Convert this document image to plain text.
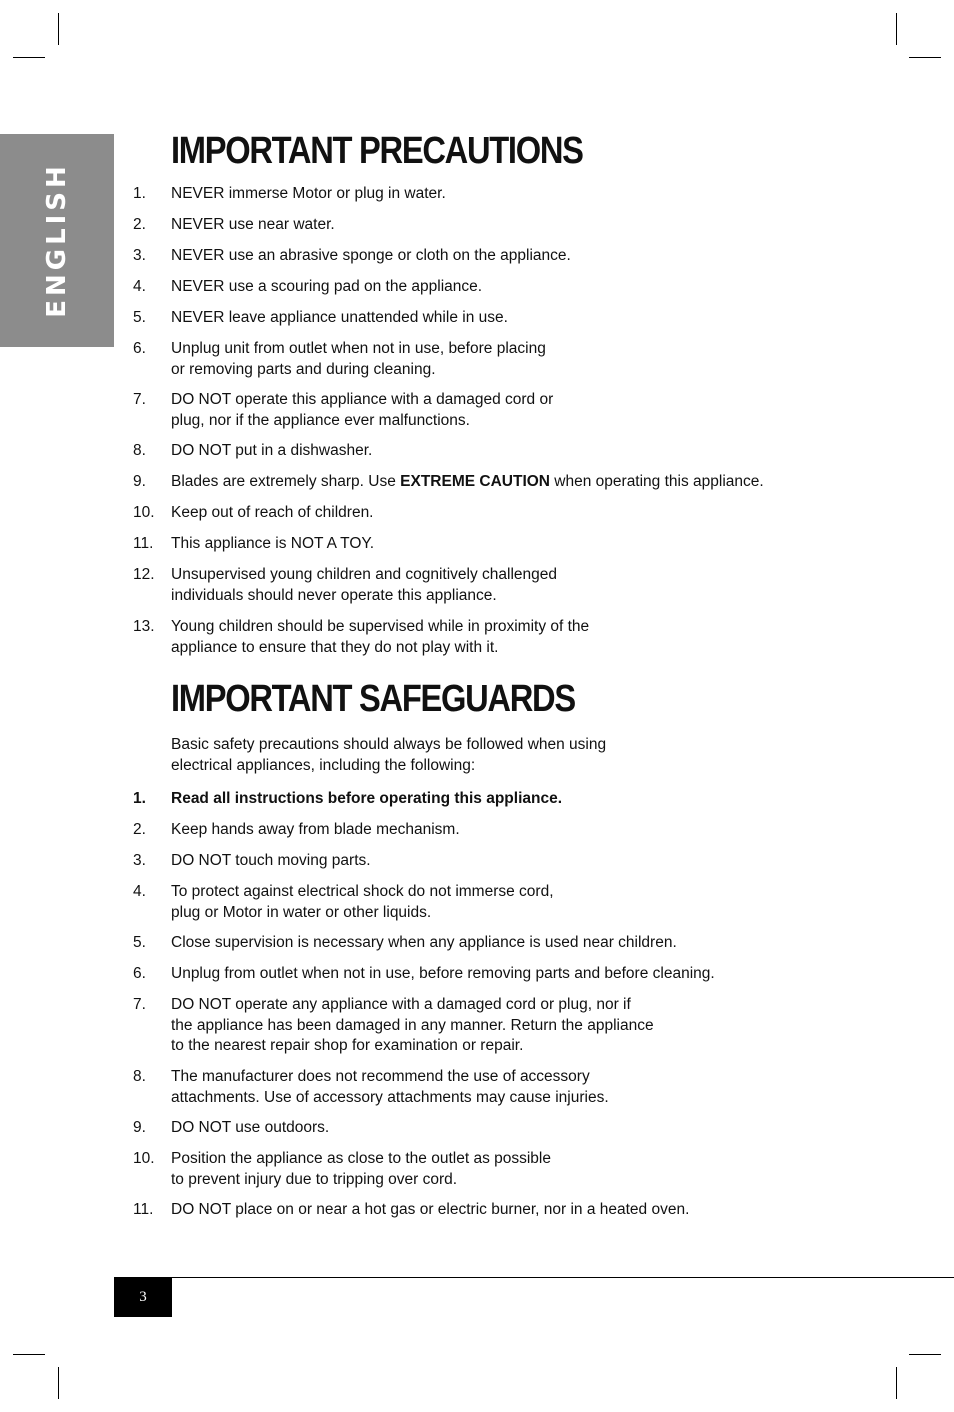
ENGLISH
IMPORTANT PRECAUTIONS
1. NEVER immerse Motor or plug in water.
2. NEVER use near water.
3. NEVER use an abrasive sponge or cloth on the appliance.
4. NEVER use a scouring pad on the appliance.
5. NEVER leave appliance unattended while in use.
6. Unplug unit from outlet when not in use, before placing
or removing parts and during cleaning.
7. DO NOT operate this appliance with a damaged cord or
plug, nor if the appliance ever malfunctions.
8. DO NOT put in a dishwasher.
9. Blades are extremely sharp. Use EXTREME CAUTION when operating this appliance.
10. Keep out of reach of children.
11. This appliance is NOT A TOY.
12. Unsupervised young children and cognitively challenged
individuals should never operate this appliance.
13. Young children should be supervised while in proximity of the
appliance to ensure that they do not play with it.
IMPORTANT SAFEGUARDS
Basic safety precautions should always be followed when using
electrical appliances, including the following:
1. Read all instructions before operating this appliance.
2. Keep hands away from blade mechanism.
3. DO NOT touch moving parts.
4. To protect against electrical shock do not immerse cord,
plug or Motor in water or other liquids.
5. Close supervision is necessary when any appliance is used near children.
6. Unplug from outlet when not in use, before removing parts and before cleaning.
7. DO NOT operate any appliance with a damaged cord or plug, nor if
the appliance has been damaged in any manner. Return the appliance
to the nearest repair shop for examination or repair.
8. The manufacturer does not recommend the use of accessory
attachments. Use of accessory attachments may cause injuries.
9. DO NOT use outdoors.
10. Position the appliance as close to the outlet as possible
to prevent injury due to tripping over cord.
11. DO NOT place on or near a hot gas or electric burner, nor in a heated oven.
3
